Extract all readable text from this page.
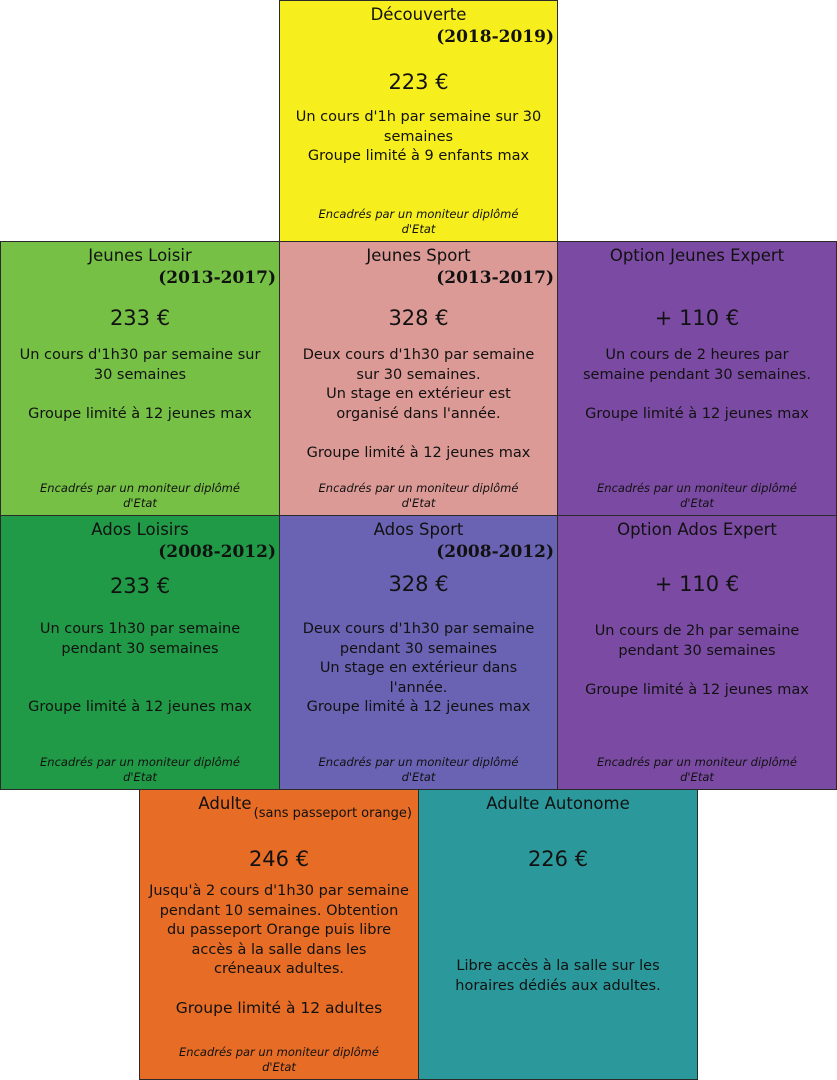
Découverte
(2018-2019)
223 €
Un cours d'1h par semaine sur 30
semaines
Groupe limité à 9 enfants max
Encadrés par un moniteur diplômé
d'Etat
Jeunes Loisir
(2013-2017)
233 €
Un cours d'1h30 par semaine sur
30 semaines
Groupe limité à 12 jeunes max
Encadrés par un moniteur diplômé
d'Etat
Jeunes Sport
(2013-2017)
328 €
Deux cours d'1h30 par semaine
sur 30 semaines.
Un stage en extérieur est
organisé dans l'année.
Groupe limité à 12 jeunes max
Encadrés par un moniteur diplômé
d'Etat
Option Jeunes Expert
+ 110 €
Un cours de 2 heures par
semaine pendant 30 semaines.
Groupe limité à 12 jeunes max
Encadrés par un moniteur diplômé
d'Etat
Ados Loisirs
(2008-2012)
233 €
Un cours 1h30 par semaine
pendant 30 semaines
Groupe limité à 12 jeunes max
Encadrés par un moniteur diplômé
d'Etat
Ados Sport
(2008-2012)
328 €
Deux cours d'1h30 par semaine
pendant 30 semaines
Un stage en extérieur dans
l'année.
Groupe limité à 12 jeunes max
Encadrés par un moniteur diplômé
d'Etat
Option Ados Expert
+ 110 €
Un cours de 2h par semaine
pendant 30 semaines
Groupe limité à 12 jeunes max
Encadrés par un moniteur diplômé
d'Etat
Adulte
(sans passeport orange)
246 €
Jusqu'à 2 cours d'1h30 par semaine
pendant 10 semaines. Obtention
du passeport Orange puis libre
accès à la salle dans les
créneaux adultes.
Groupe limité à 12 adultes
Encadrés par un moniteur diplômé
d'Etat
Adulte Autonome
226 €
Libre accès à la salle sur les
horaires dédiés aux adultes.
